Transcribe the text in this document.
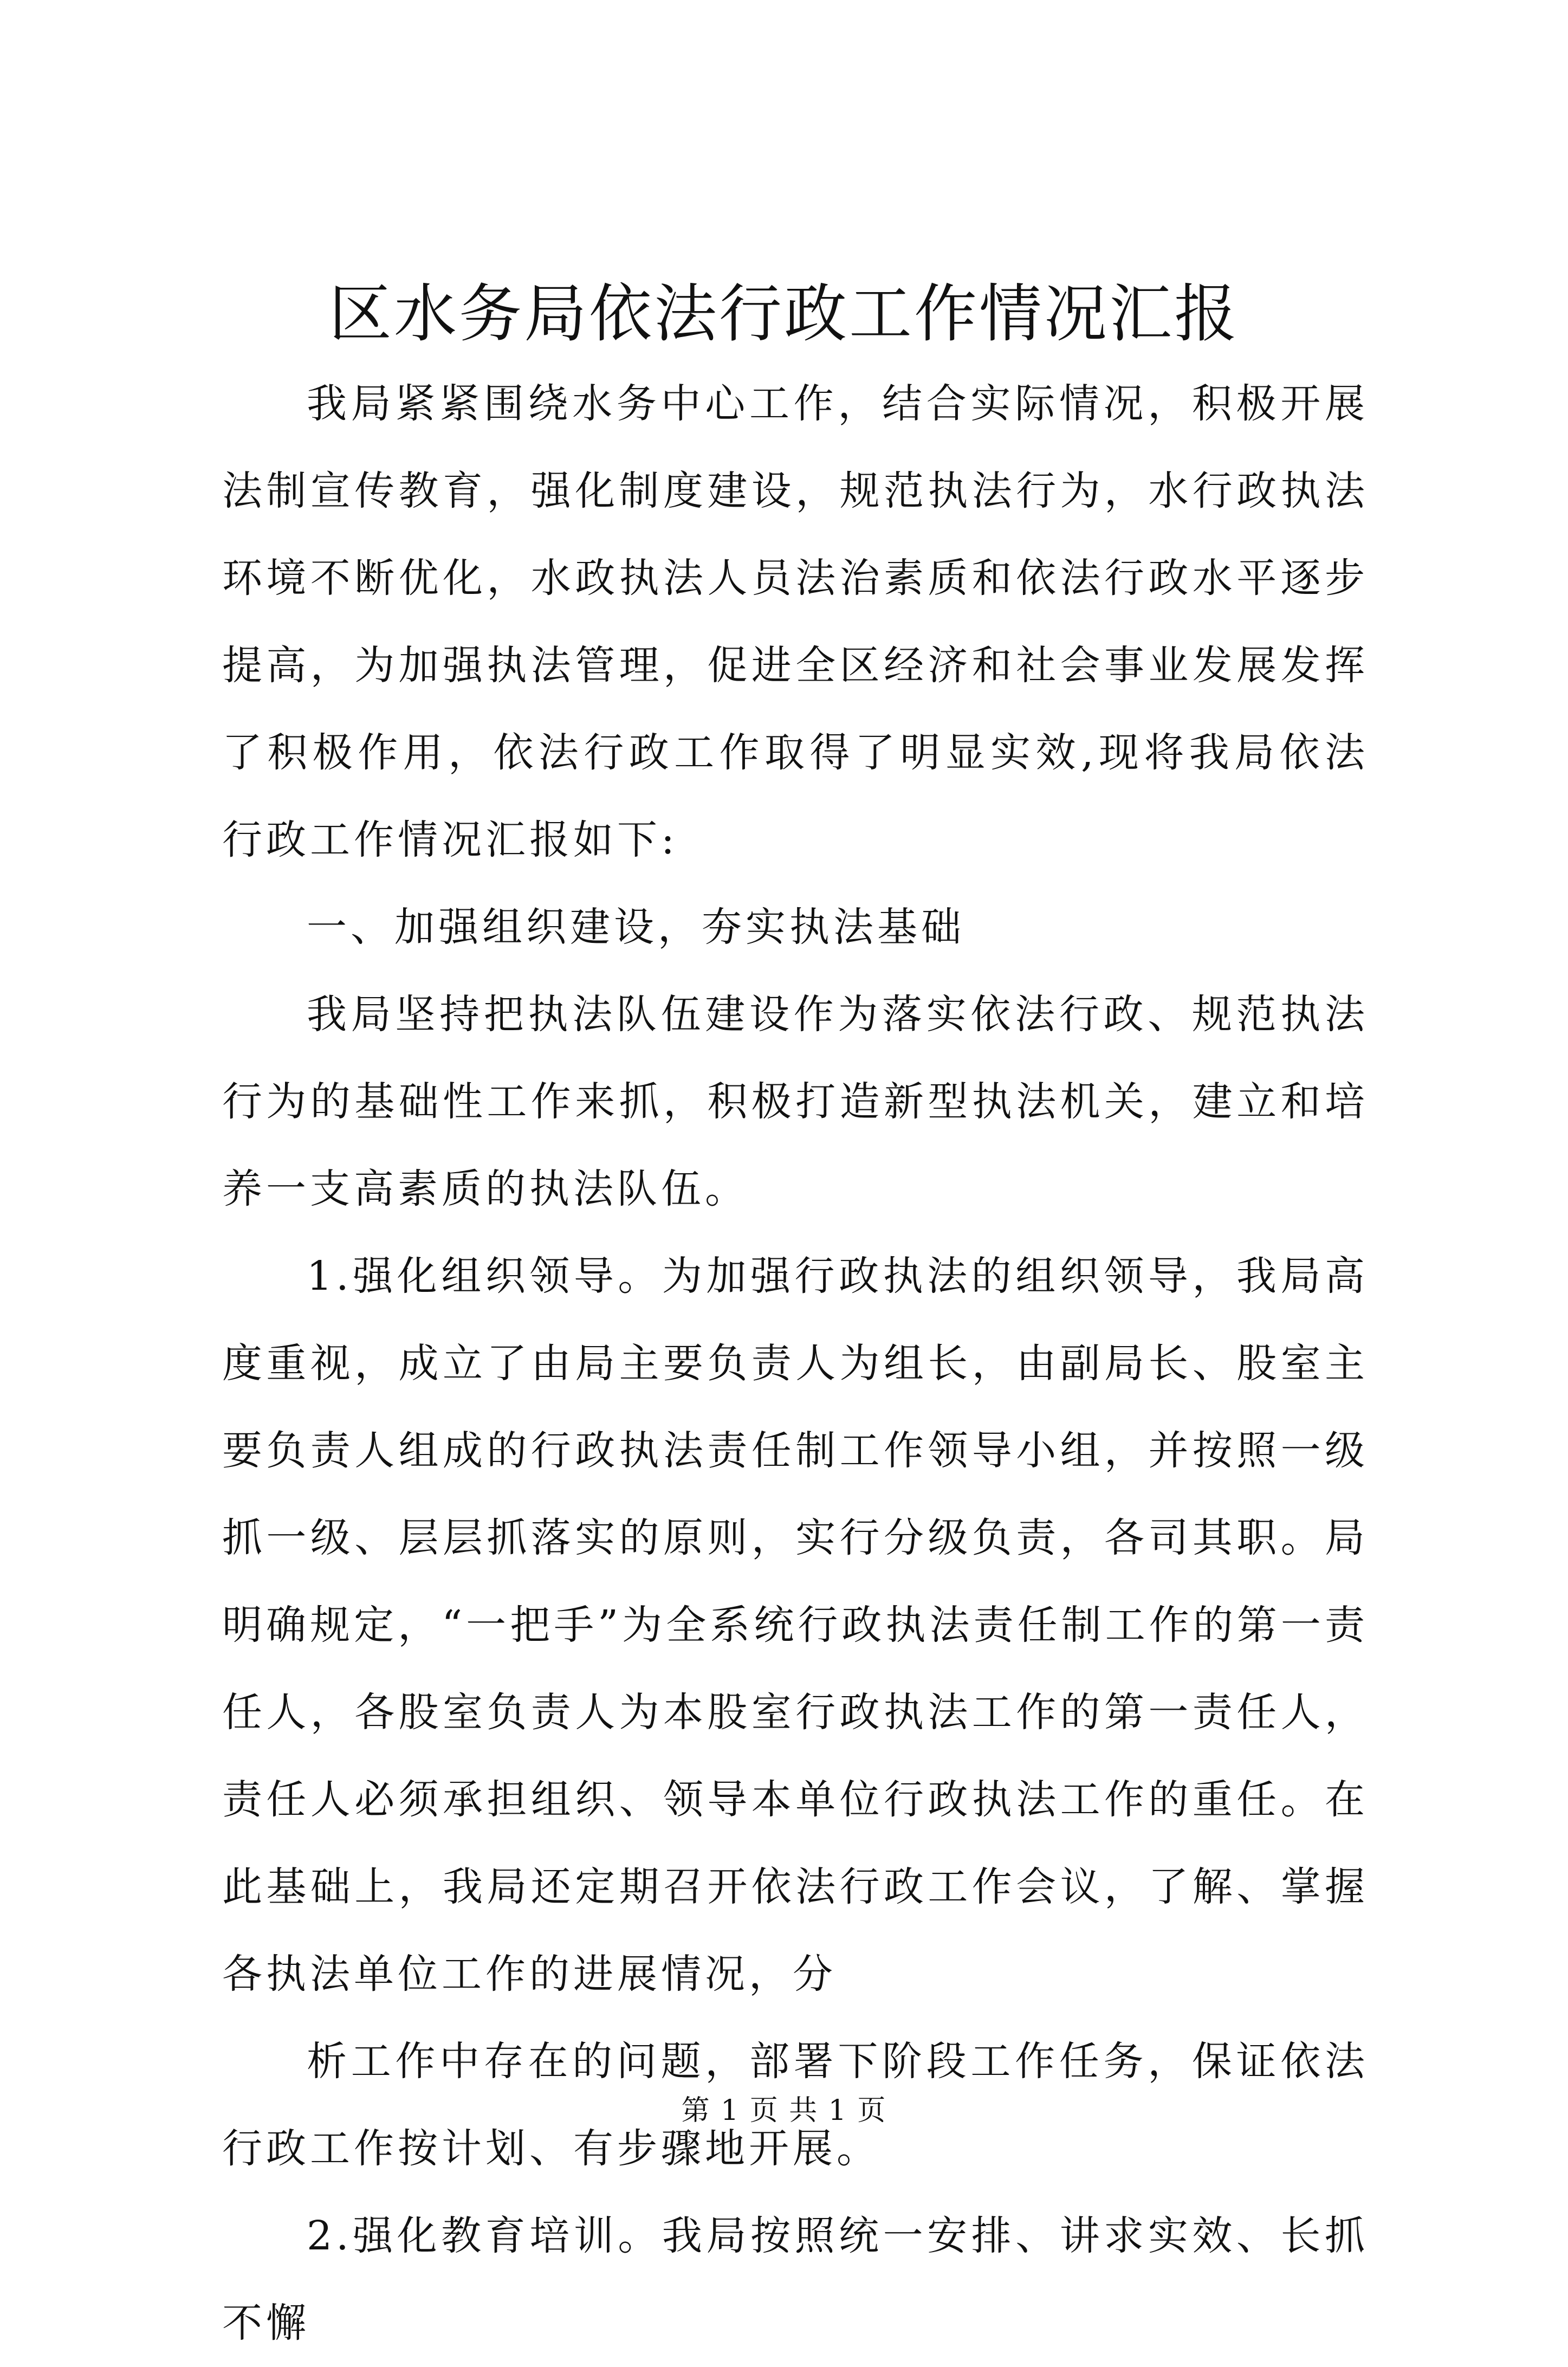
区水务局依法行政工作情况汇报

我局紧紧围绕水务中心工作，结合实际情况，积极开展法制宣传教育，强化制度建设，规范执法行为，水行政执法环境不断优化，水政执法人员法治素质和依法行政水平逐步提高，为加强执法管理，促进全区经济和社会事业发展发挥了积极作用，依法行政工作取得了明显实效,现将我局依法行政工作情况汇报如下:

一、加强组织建设，夯实执法基础

我局坚持把执法队伍建设作为落实依法行政、规范执法行为的基础性工作来抓，积极打造新型执法机关，建立和培养一支高素质的执法队伍。

1.强化组织领导。为加强行政执法的组织领导，我局高度重视，成立了由局主要负责人为组长，由副局长、股室主要负责人组成的行政执法责任制工作领导小组，并按照一级抓一级、层层抓落实的原则，实行分级负责，各司其职。局明确规定，“一把手”为全系统行政执法责任制工作的第一责任人，各股室负责人为本股室行政执法工作的第一责任人，责任人必须承担组织、领导本单位行政执法工作的重任。在此基础上，我局还定期召开依法行政工作会议，了解、掌握各执法单位工作的进展情况，分

析工作中存在的问题，部署下阶段工作任务，保证依法行政工作按计划、有步骤地开展。

2.强化教育培训。我局按照统一安排、讲求实效、长抓不懈

第 1 页 共 1 页
